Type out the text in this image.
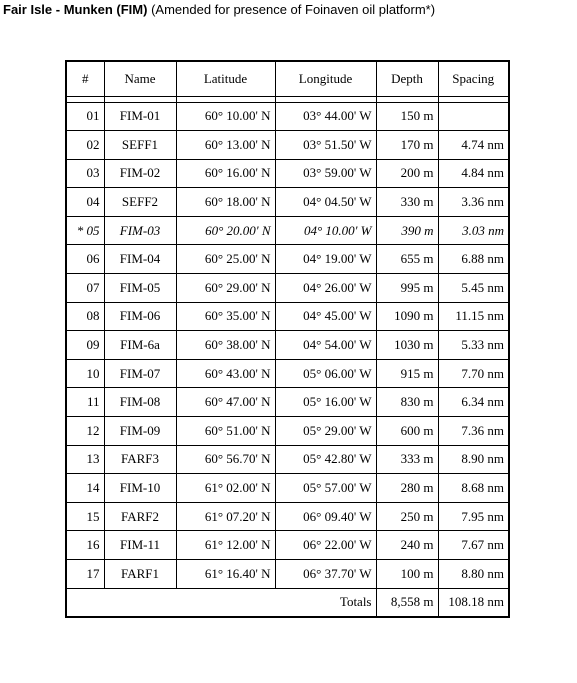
Fair Isle - Munken (FIM) (Amended for presence of Foinaven oil platform*)
#	Name	Latitude	Longitude	Depth	Spacing

01	FIM-01	60° 10.00' N	03° 44.00' W	150 m	
02	SEFF1	60° 13.00' N	03° 51.50' W	170 m	4.74 nm
03	FIM-02	60° 16.00' N	03° 59.00' W	200 m	4.84 nm
04	SEFF2	60° 18.00' N	04° 04.50' W	330 m	3.36 nm
* 05	FIM-03	60° 20.00' N	04° 10.00' W	390 m	3.03 nm
06	FIM-04	60° 25.00' N	04° 19.00' W	655 m	6.88 nm
07	FIM-05	60° 29.00' N	04° 26.00' W	995 m	5.45 nm
08	FIM-06	60° 35.00' N	04° 45.00' W	1090 m	11.15 nm
09	FIM-6a	60° 38.00' N	04° 54.00' W	1030 m	5.33 nm
10	FIM-07	60° 43.00' N	05° 06.00' W	915 m	7.70 nm
11	FIM-08	60° 47.00' N	05° 16.00' W	830 m	6.34 nm
12	FIM-09	60° 51.00' N	05° 29.00' W	600 m	7.36 nm
13	FARF3	60° 56.70' N	05° 42.80' W	333 m	8.90 nm
14	FIM-10	61° 02.00' N	05° 57.00' W	280 m	8.68 nm
15	FARF2	61° 07.20' N	06° 09.40' W	250 m	7.95 nm
16	FIM-11	61° 12.00' N	06° 22.00' W	240 m	7.67 nm
17	FARF1	61° 16.40' N	06° 37.70' W	100 m	8.80 nm
Totals				8,558 m	108.18 nm
